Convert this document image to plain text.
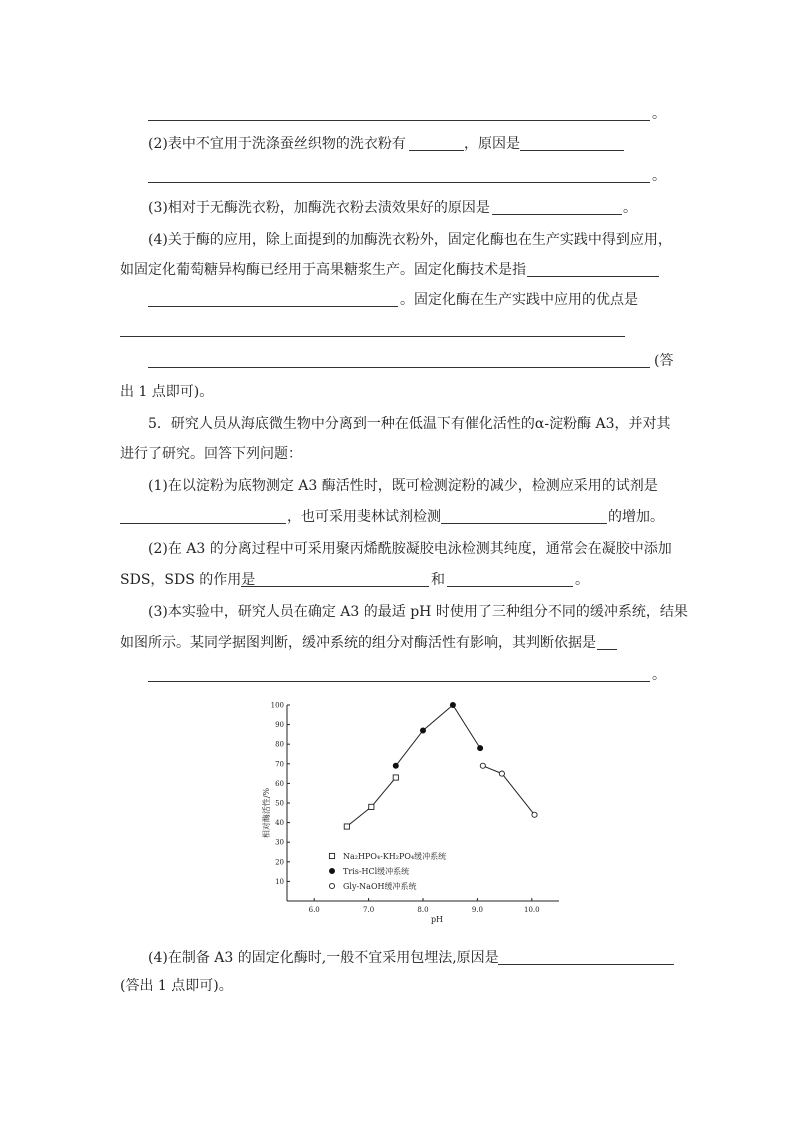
。
(2)表中不宜用于洗涤蚕丝织物的洗衣粉有	，原因是
。
(3)相对于无酶洗衣粉，加酶洗衣粉去渍效果好的原因是	。
(4)关于酶的应用，除上面提到的加酶洗衣粉外，固定化酶也在生产实践中得到应用，
如固定化葡萄糖异构酶已经用于高果糖浆生产。固定化酶技术是指
。固定化酶在生产实践中应用的优点是
(答
出 1 点即可)。
5．研究人员从海底微生物中分离到一种在低温下有催化活性的α-淀粉酶 A3，并对其
进行了研究。回答下列问题：
(1)在以淀粉为底物测定 A3 酶活性时，既可检测淀粉的减少，检测应采用的试剂是
，也可采用斐林试剂检测	的增加。
(2)在 A3 的分离过程中可采用聚丙烯酰胺凝胶电泳检测其纯度，通常会在凝胶中添加
SDS，SDS 的作用是	和	。
(3)本实验中，研究人员在确定 A3 的最适 pH 时使用了三种组分不同的缓冲系统，结果
如图所示。某同学据图判断，缓冲系统的组分对酶活性有影响，其判断依据是
。
10
20
30
40
50
60
70
80
90
100
6.0	7.0	8.0	9.0	10.0
pH
相对酶活性/%
Na₂HPO₄-KH₂PO₄缓冲系统
Tris-HCl缓冲系统
Gly-NaOH缓冲系统
(4)在制备 A3 的固定化酶时,一般不宜采用包埋法,原因是
(答出 1 点即可)。
